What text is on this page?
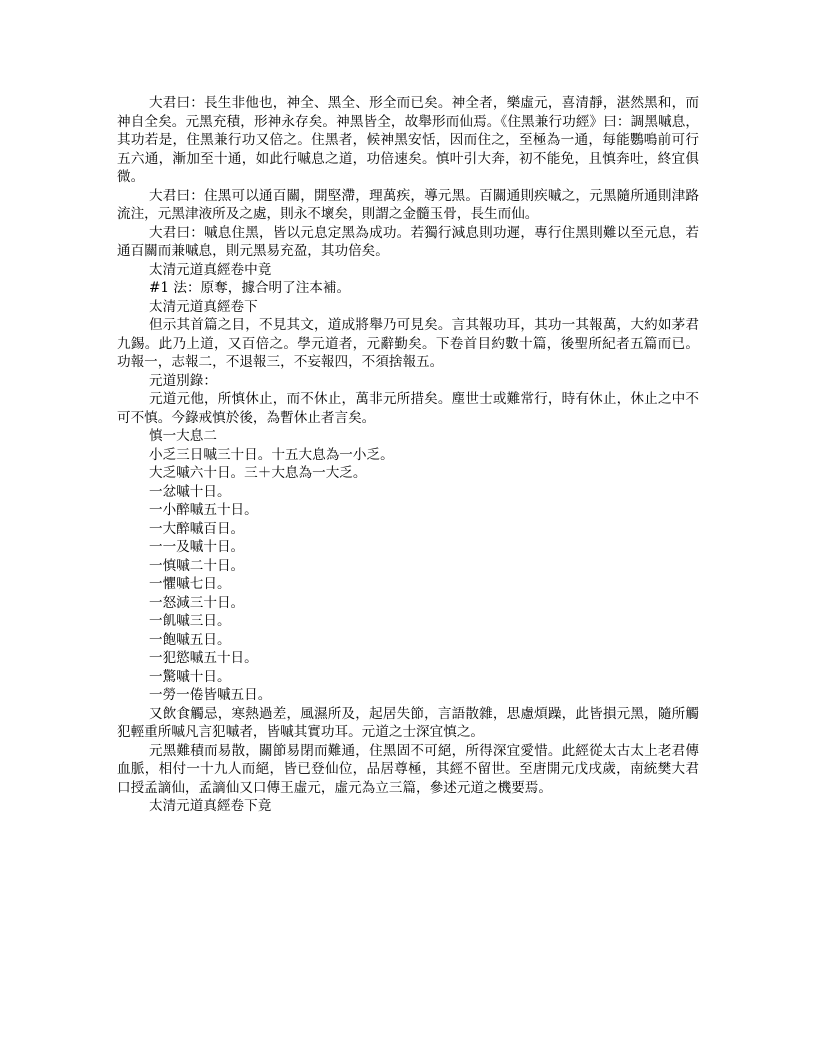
大君曰：長生非他也，神全、黑全、形全而已矣。神全者，樂虛元，喜清靜，湛然黑和，而神自全矣。元黑充積，形神永存矣。神黑皆全，故舉形而仙焉。《住黑兼行功經》曰：調黑嘁息，其功若是，住黑兼行功又倍之。住黑者，候神黑安恬，因而住之，至極為一通，每能鸚鳴前可行五六通，漸加至十通，如此行嘁息之道，功倍速矣。慎叶引大奔，初不能免，且慎奔吐，終宜俱微。

大君曰：住黑可以通百關，開堅滯，理萬疾，導元黑。百關通則疾嘁之，元黑隨所通則津路流注，元黑津液所及之處，則永不壞矣，則謂之金髓玉骨，長生而仙。

大君曰：嘁息住黑，皆以元息定黑為成功。若獨行減息則功遲，專行住黑則難以至元息，若通百關而兼嘁息，則元黑易充盈，其功倍矣。

太清元道真經卷中竟

#1 法：原奪，據合明了注本補。

太清元道真經卷下

但示其首篇之目，不見其文，道成將舉乃可見矣。言其報功耳，其功一其報萬，大約如茅君九錫。此乃上道，又百倍之。學元道者，元辭勤矣。下卷首目約數十篇，後聖所紀者五篇而已。功報一，志報二，不退報三，不妄報四，不須捨報五。

元道別錄：

元道元他，所慎休止，而不休止，萬非元所措矣。塵世士或難常行，時有休止，休止之中不可不慎。今錄戒慎於後，為暫休止者言矣。

慎一大息二

小乏三日嘁三十日。十五大息為一小乏。

大乏嘁六十日。三＋大息為一大乏。

一忿嘁十日。

一小醉嘁五十日。

一大醉嘁百日。

一一及嘁十日。

一慎嘁二十日。

一懼嘁七日。

一怒減三十日。

一飢嘁三日。

一飽嘁五日。

一犯慾嘁五十日。

一驚嘁十日。

一勞一倦皆嘁五日。

又飲食觸忌，寒熱過差，風濕所及，起居失節，言語散雜，思慮煩躁，此皆損元黑，隨所觸犯輕重所嘁凡言犯嘁者，皆嘁其實功耳。元道之士深宜慎之。

元黑難積而易散，關節易閉而難通，住黑固不可絕，所得深宜愛惜。此經從太古太上老君傳血脈，相付一十九人而絕，皆已登仙位，品居尊極，其經不留世。至唐開元戊戌歲，南統樊大君口授孟謫仙，孟謫仙又口傳王虛元，虛元為立三篇，參述元道之機要焉。

太清元道真經卷下竟
